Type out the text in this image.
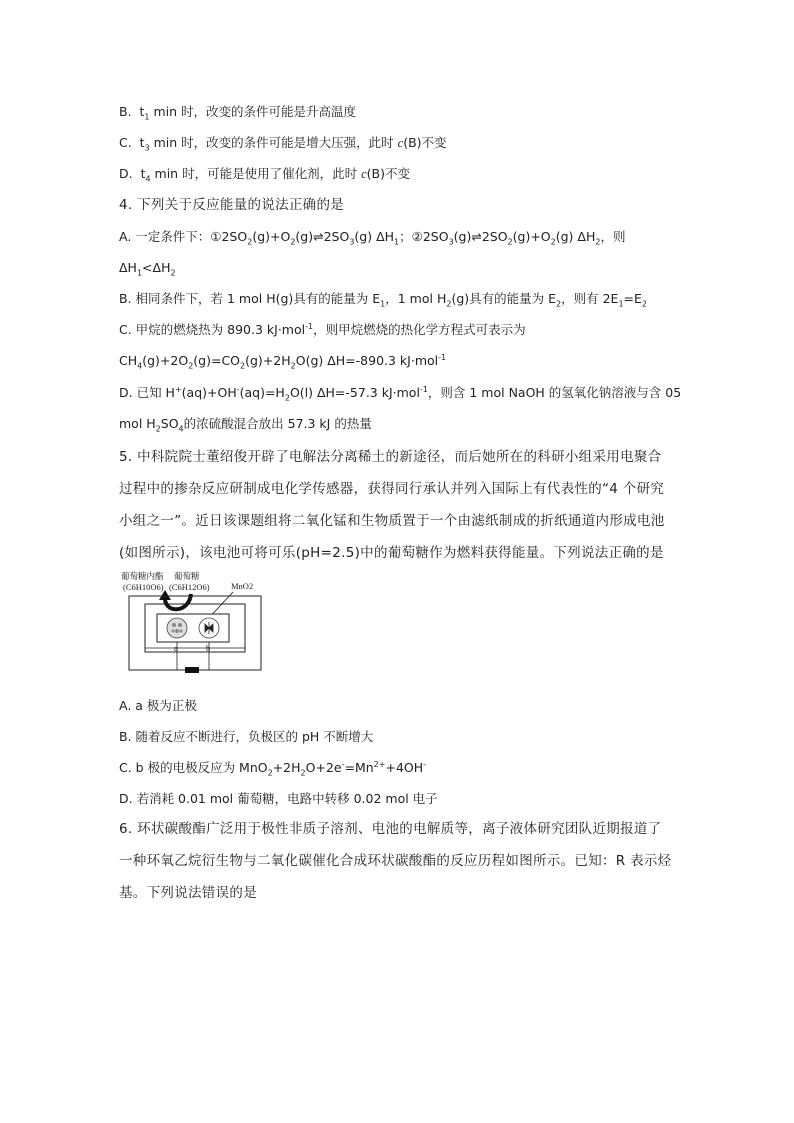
B. $t_1$ min 时，改变的条件可能是升高温度
C. $t_3$ min 时，改变的条件可能是增大压强，此时 c(B)不变
D. $t_4$ min 时，可能是使用了催化剂，此时 c(B)不变
4. 下列关于反应能量的说法正确的是
A. 一定条件下：$①2SO_2(g)+O_2(g)\rightleftharpoons 2SO_3(g)$ $\Delta H_1$；$②2SO_3(g)\rightleftharpoons 2SO_2(g)+O_2(g)$ $\Delta H_2$，则
$\Delta H_1<\Delta H_2$
B. 相同条件下，若 1 mol H(g)具有的能量为 $E_1$，1 mol $H_2(g)$具有的能量为 $E_2$，则有 $2E_1=E_2$
C. 甲烷的燃烧热为 890.3 kJ·mol$^{-1}$，则甲烷燃烧的热化学方程式可表示为
$CH_4(g)+2O_2(g)=CO_2(g)+2H_2O(g)$ ΔH=-890.3 kJ·mol$^{-1}$
D. 已知 $H^+(aq)+OH^-(aq)=H_2O(l)$ ΔH=-57.3 kJ·mol$^{-1}$，则含 1 mol NaOH 的氢氧化钠溶液与含 05
mol $H_2SO_4$的浓硫酸混合放出 57.3 kJ 的热量
5. 中科院院士董绍俊开辟了电解法分离稀土的新途径，而后她所在的科研小组采用电聚合
过程中的掺杂反应研制成电化学传感器，获得同行承认并列入国际上有代表性的“4 个研究
小组之一”。近日该课题组将二氧化锰和生物质置于一个由滤纸制成的折纸通道内形成电池
(如图所示)，该电池可将可乐(pH=2.5)中的葡萄糖作为燃料获得能量。下列说法正确的是
葡萄糖内酯
(C6H10O6)
葡萄糖
(C6H12O6)	MnO2
a	b
A. a 极为正极
B. 随着反应不断进行，负极区的 pH 不断增大
C. b 极的电极反应为 $MnO_2+2H_2O+2e^-=Mn^{2+}+4OH^-$
D. 若消耗 0.01 mol 葡萄糖，电路中转移 0.02 mol 电子
6. 环状碳酸酯广泛用于极性非质子溶剂、电池的电解质等，离子液体研究团队近期报道了
一种环氧乙烷衍生物与二氧化碳催化合成环状碳酸酯的反应历程如图所示。已知：R 表示烃
基。下列说法错误的是
